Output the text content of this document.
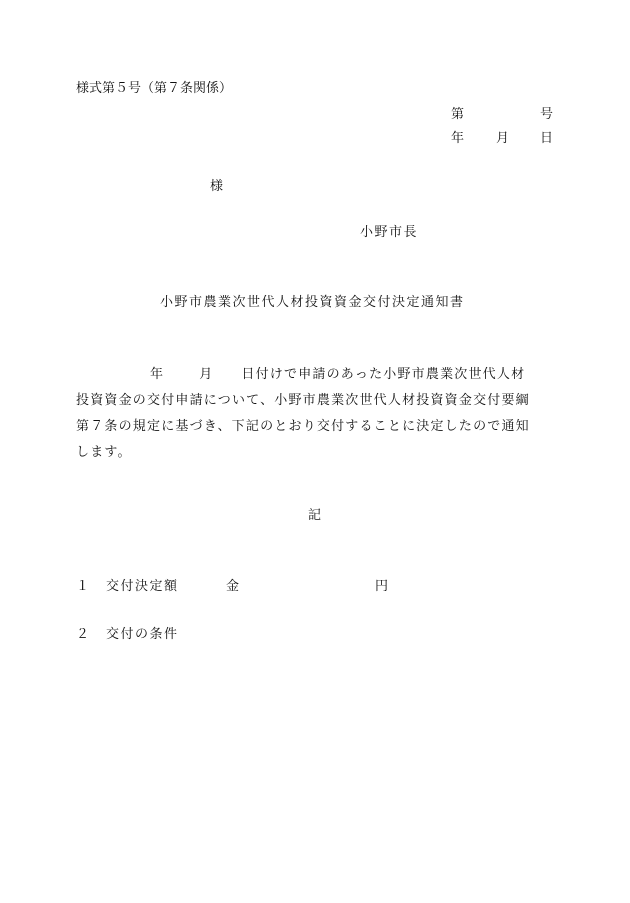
様式第５号（第７条関係）
第	号
年 月 日
様
小野市長
小野市農業次世代人材投資資金交付決定通知書
年	月 日付けで申請のあった小野市農業次世代人材
投資資金の交付申請について、小野市農業次世代人材投資資金交付要綱
第７条の規定に基づき、下記のとおり交付することに決定したので通知
します。
記
１ 交付決定額	金	円
２ 交付の条件
